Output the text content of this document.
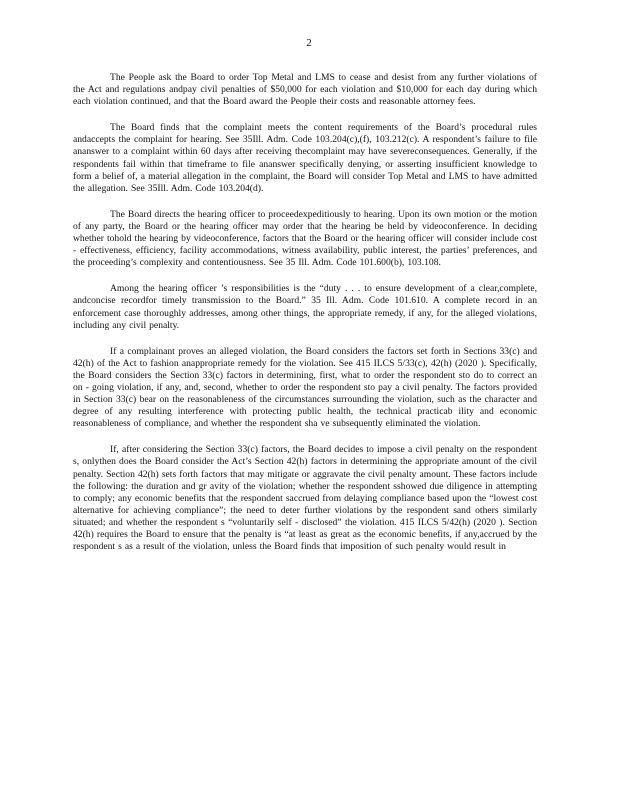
2

The People ask the Board to order Top Metal and LMS to cease and desist from any further violations of the Act and regulations andpay civil penalties of $50,000 for each violation and $10,000 for each day during which each violation continued, and that the Board award the People their costs and reasonable attorney fees.

The Board finds that the complaint meets the content requirements of the Board’s procedural rules andaccepts the complaint for hearing. See 35Ill. Adm. Code 103.204(c),(f), 103.212(c). A respondent’s failure to file ananswer to a complaint within 60 days after receiving thecomplaint may have severeconsequences. Generally, if the respondents fail within that timeframe to file ananswer specifically denying, or asserting insufficient knowledge to form a belief of, a material allegation in the complaint, the Board will consider Top Metal and LMS to have admitted the allegation. See 35Ill. Adm. Code 103.204(d).

The Board directs the hearing officer to proceedexpeditiously to hearing. Upon its own motion or the motion of any party, the Board or the hearing officer may order that the hearing be held by videoconference. In deciding whether tohold the hearing by videoconference, factors that the Board or the hearing officer will consider include cost - effectiveness, efficiency, facility accommodations, witness availability, public interest, the parties’ preferences, and the proceeding’s complexity and contentiousness. See 35 Ill. Adm. Code 101.600(b), 103.108.

Among the hearing officer ’s responsibilities is the “duty . . . to ensure development of a clear,complete, andconcise recordfor timely transmission to the Board.” 35 Ill. Adm. Code 101.610. A complete record in an enforcement case thoroughly addresses, among other things, the appropriate remedy, if any, for the alleged violations, including any civil penalty.

If a complainant proves an alleged violation, the Board considers the factors set forth in Sections 33(c) and 42(h) of the Act to fashion anappropriate remedy for the violation. See 415 ILCS 5/33(c), 42(h) (2020 ). Specifically, the Board considers the Section 33(c) factors in determining, first, what to order the respondent sto do to correct an on - going violation, if any, and, second, whether to order the respondent sto pay a civil penalty. The factors provided in Section 33(c) bear on the reasonableness of the circumstances surrounding the violation, such as the character and degree of any resulting interference with protecting public health, the technical practicab ility and economic reasonableness of compliance, and whether the respondent sha ve subsequently eliminated the violation.

If, after considering the Section 33(c) factors, the Board decides to impose a civil penalty on the respondent s, onlythen does the Board consider the Act’s Section 42(h) factors in determining the appropriate amount of the civil penalty. Section 42(h) sets forth factors that may mitigate or aggravate the civil penalty amount. These factors include the following: the duration and gr avity of the violation; whether the respondent sshowed due diligence in attempting to comply; any economic benefits that the respondent saccrued from delaying compliance based upon the “lowest cost alternative for achieving compliance”; the need to deter further violations by the respondent sand others similarly situated; and whether the respondent s “voluntarily self - disclosed” the violation. 415 ILCS 5/42(h) (2020 ). Section 42(h) requires the Board to ensure that the penalty is “at least as great as the economic benefits, if any,accrued by the respondent s as a result of the violation, unless the Board finds that imposition of such penalty would result in
